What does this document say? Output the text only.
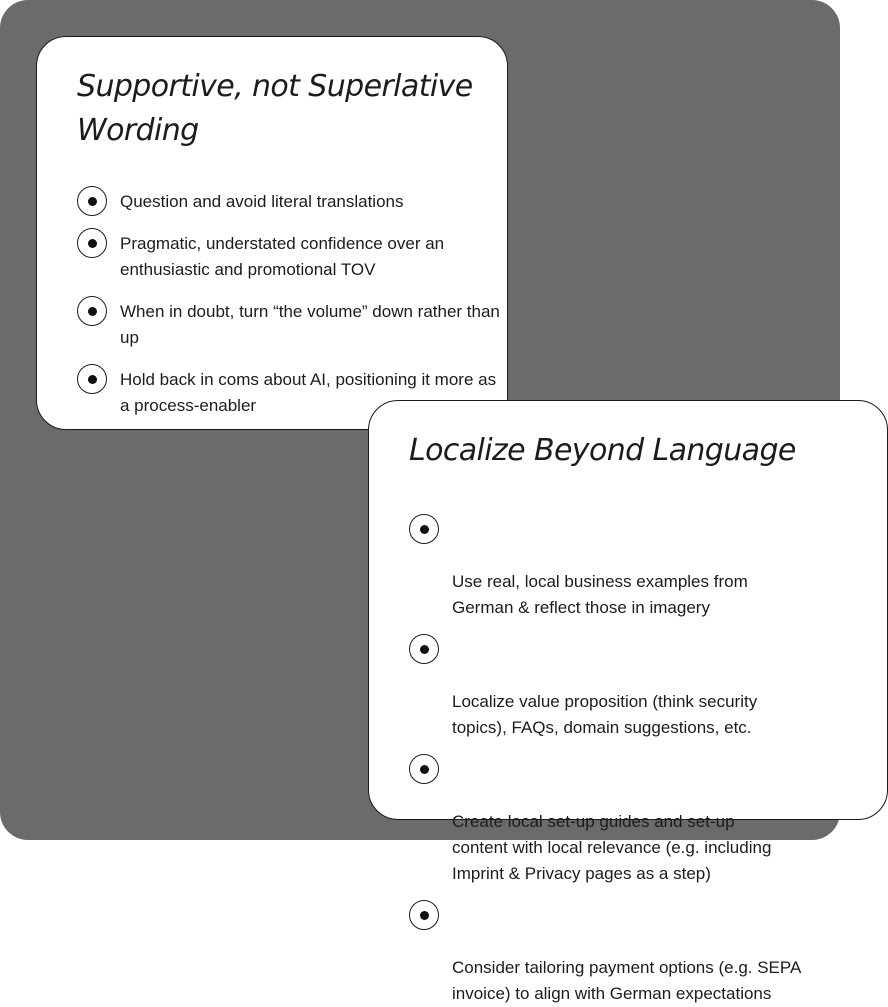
Supportive, not Superlative Wording
Question and avoid literal translations
Pragmatic, understated confidence over an enthusiastic and promotional TOV
When in doubt, turn “the volume” down rather than up
Hold back in coms about AI, positioning it more as a process-enabler
Localize Beyond Language

Use real, local business examples from
German & reflect those in imagery

Localize value proposition (think security
topics), FAQs, domain suggestions, etc.

Create local set-up guides and set-up
content with local relevance (e.g. including
Imprint & Privacy pages as a step)

Consider tailoring payment options (e.g. SEPA
invoice) to align with German expectations
